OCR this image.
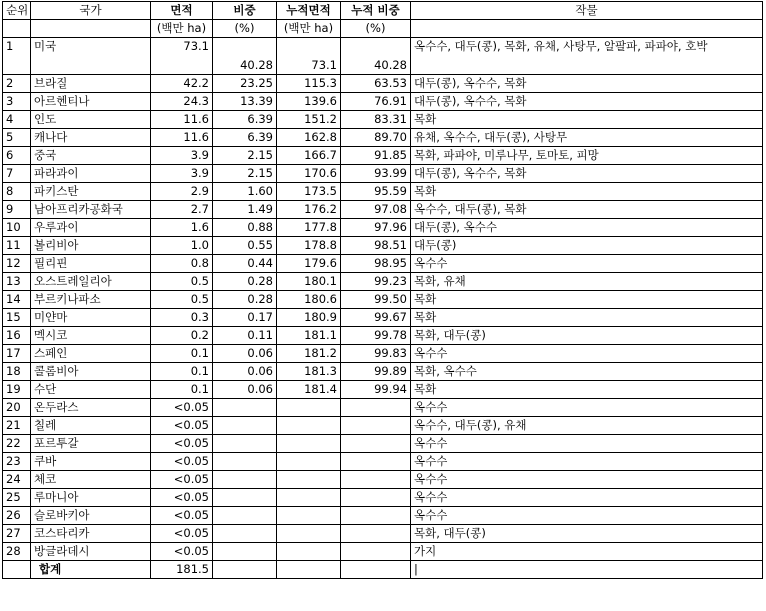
순위	국가	면적	비중	누적면적	누적 비중	작물
		(백만 ha)	(%)	(백만 ha)	(%)	
1	미국	73.1	40.28	73.1	40.28	옥수수, 대두(콩), 목화, 유채, 사탕무, 알팔파, 파파야, 호박
2	브라질	42.2	23.25	115.3	63.53	대두(콩), 옥수수, 목화
3	아르헨티나	24.3	13.39	139.6	76.91	대두(콩), 옥수수, 목화
4	인도	11.6	6.39	151.2	83.31	목화
5	캐나다	11.6	6.39	162.8	89.70	유채, 옥수수, 대두(콩), 사탕무
6	중국	3.9	2.15	166.7	91.85	목화, 파파야, 미루나무, 토마토, 피망
7	파라과이	3.9	2.15	170.6	93.99	대두(콩), 옥수수, 목화
8	파키스탄	2.9	1.60	173.5	95.59	목화
9	남아프리카공화국	2.7	1.49	176.2	97.08	옥수수, 대두(콩), 목화
10	우루과이	1.6	0.88	177.8	97.96	대두(콩), 옥수수
11	볼리비아	1.0	0.55	178.8	98.51	대두(콩)
12	필리핀	0.8	0.44	179.6	98.95	옥수수
13	오스트레일리아	0.5	0.28	180.1	99.23	목화, 유채
14	부르키나파소	0.5	0.28	180.6	99.50	목화
15	미얀마	0.3	0.17	180.9	99.67	목화
16	멕시코	0.2	0.11	181.1	99.78	목화, 대두(콩)
17	스페인	0.1	0.06	181.2	99.83	옥수수
18	콜롬비아	0.1	0.06	181.3	99.89	목화, 옥수수
19	수단	0.1	0.06	181.4	99.94	목화
20	온두라스	<0.05				옥수수
21	칠레	<0.05				옥수수, 대두(콩), 유채
22	포르투갈	<0.05				옥수수
23	쿠바	<0.05				옥수수
24	체코	<0.05				옥수수
25	루마니아	<0.05				옥수수
26	슬로바키아	<0.05				옥수수
27	코스타리카	<0.05				목화, 대두(콩)
28	방글라데시	<0.05				가지
	합계	181.5				|
